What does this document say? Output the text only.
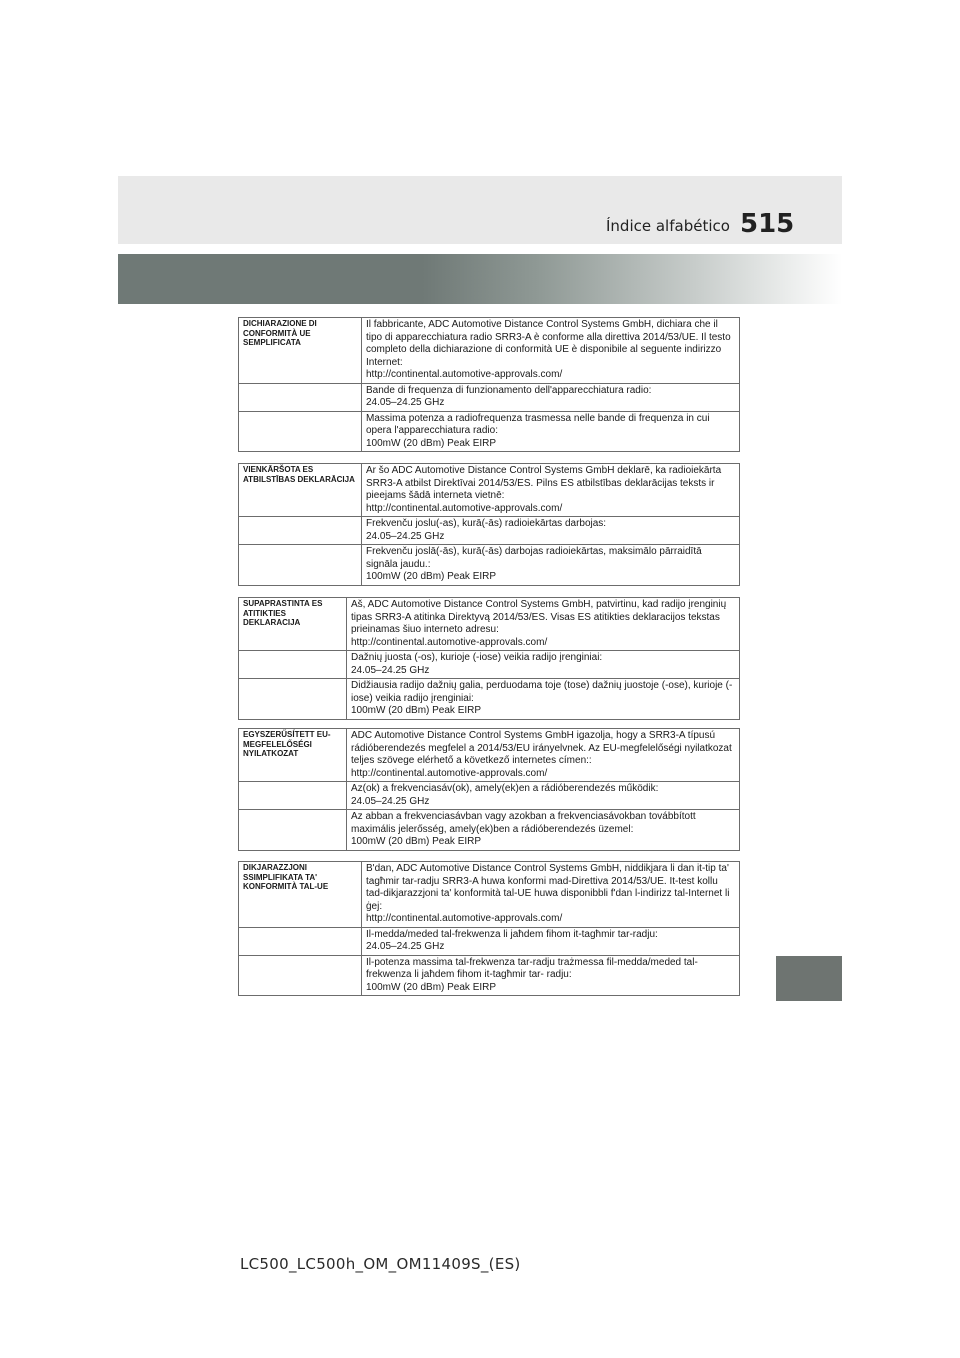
Índice alfabético 515
DICHIARAZIONE DI CONFORMITÀ UE SEMPLIFICATA	Il fabbricante, ADC Automotive Distance Control Systems GmbH, dichiara che il tipo di apparecchiatura radio SRR3-A è conforme alla direttiva 2014/53/UE. Il testo completo della dichiarazione di conformità UE è disponibile al seguente indirizzo Internet:
http://continental.automotive-approvals.com/
	Bande di frequenza di funzionamento dell'apparecchiatura radio:
24.05–24.25 GHz
	Massima potenza a radiofrequenza trasmessa nelle bande di frequenza in cui opera l'apparecchiatura radio:
100mW (20 dBm) Peak EIRP
VIENKĀRŠOTA ES ATBILSTĪBAS DEKLARĀCIJA	Ar šo ADC Automotive Distance Control Systems GmbH deklarē, ka radioiekārta SRR3-A atbilst Direktīvai 2014/53/ES. Pilns ES atbilstības deklarācijas teksts ir pieejams šādā interneta vietnē:
http://continental.automotive-approvals.com/
	Frekvenču joslu(-as), kurā(-ās) radioiekārtas darbojas:
24.05–24.25 GHz
	Frekvenču joslā(-ās), kurā(-ās) darbojas radioiekārtas, maksimālo pārraidītā signāla jaudu.:
100mW (20 dBm) Peak EIRP
SUPAPRASTINTA ES ATITIKTIES DEKLARACIJA	Aš, ADC Automotive Distance Control Systems GmbH, patvirtinu, kad radijo įrenginių tipas SRR3-A atitinka Direktyvą 2014/53/ES. Visas ES atitikties deklaracijos tekstas prieinamas šiuo interneto adresu:
http://continental.automotive-approvals.com/
	Dažnių juosta (-os), kurioje (-iose) veikia radijo įrenginiai:
24.05–24.25 GHz
	Didžiausia radijo dažnių galia, perduodama toje (tose) dažnių juostoje (-ose), kurioje (-iose) veikia radijo įrenginiai:
100mW (20 dBm) Peak EIRP
EGYSZERŰSÍTETT EU-MEGFELELŐSÉGI NYILATKOZAT	ADC Automotive Distance Control Systems GmbH igazolja, hogy a SRR3-A típusú rádióberendezés megfelel a 2014/53/EU irányelvnek. Az EU-megfelelőségi nyilatkozat teljes szövege elérhető a következő internetes címen::
http://continental.automotive-approvals.com/
	Az(ok) a frekvenciasáv(ok), amely(ek)en a rádióberendezés működik:
24.05–24.25 GHz
	Az abban a frekvenciasávban vagy azokban a frekvenciasávokban továbbított maximális jelerősség, amely(ek)ben a rádióberendezés üzemel:
100mW (20 dBm) Peak EIRP
DIKJARAZZJONI SSIMPLIFIKATA TA' KONFORMITÀ TAL-UE	B'dan, ADC Automotive Distance Control Systems GmbH, niddikjara li dan it-tip ta' tagħmir tar-radju SRR3-A huwa konformi mad-Direttiva 2014/53/UE. It-test kollu tad-dikjarazzjoni ta' konformità tal-UE huwa disponibbli f'dan l-indirizz tal-Internet li ġej:
http://continental.automotive-approvals.com/
	Il-medda/meded tal-frekwenza li jaħdem fihom it-tagħmir tar-radju:
24.05–24.25 GHz
	Il-potenza massima tal-frekwenza tar-radju trażmessa fil-medda/meded tal-frekwenza li jaħdem fihom it-tagħmir tar- radju:
100mW (20 dBm) Peak EIRP
LC500_LC500h_OM_OM11409S_(ES)
